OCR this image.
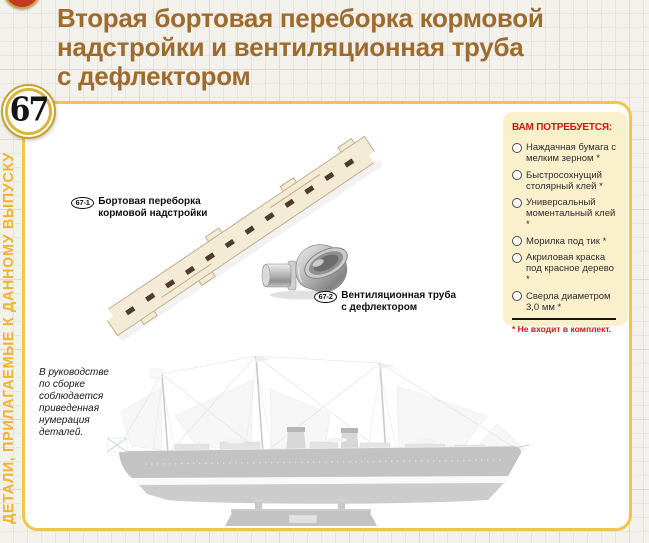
Вторая бортовая переборка кормовой
надстройки и вентиляционная труба
с дефлектором
67
ДЕТАЛИ, ПРИЛАГАЕМЫЕ К ДАННОМУ ВЫПУСКУ	67-1 Бортовая переборка кормовой надстройки
67-2 Вентиляционная труба с дефлектором
ВАМ ПОТРЕБУЕТСЯ:
Наждачная бумага с мелким зерном *
Быстросохнущий столярный клей *
Универсальный моментальный клей *
Морилка под тик *
Акриловая краска под красное дерево *
Сверла диаметром 3,0 мм *
* Не входит в комплект.
В руководстве по сборке соблюдается приведенная нумерация деталей.
